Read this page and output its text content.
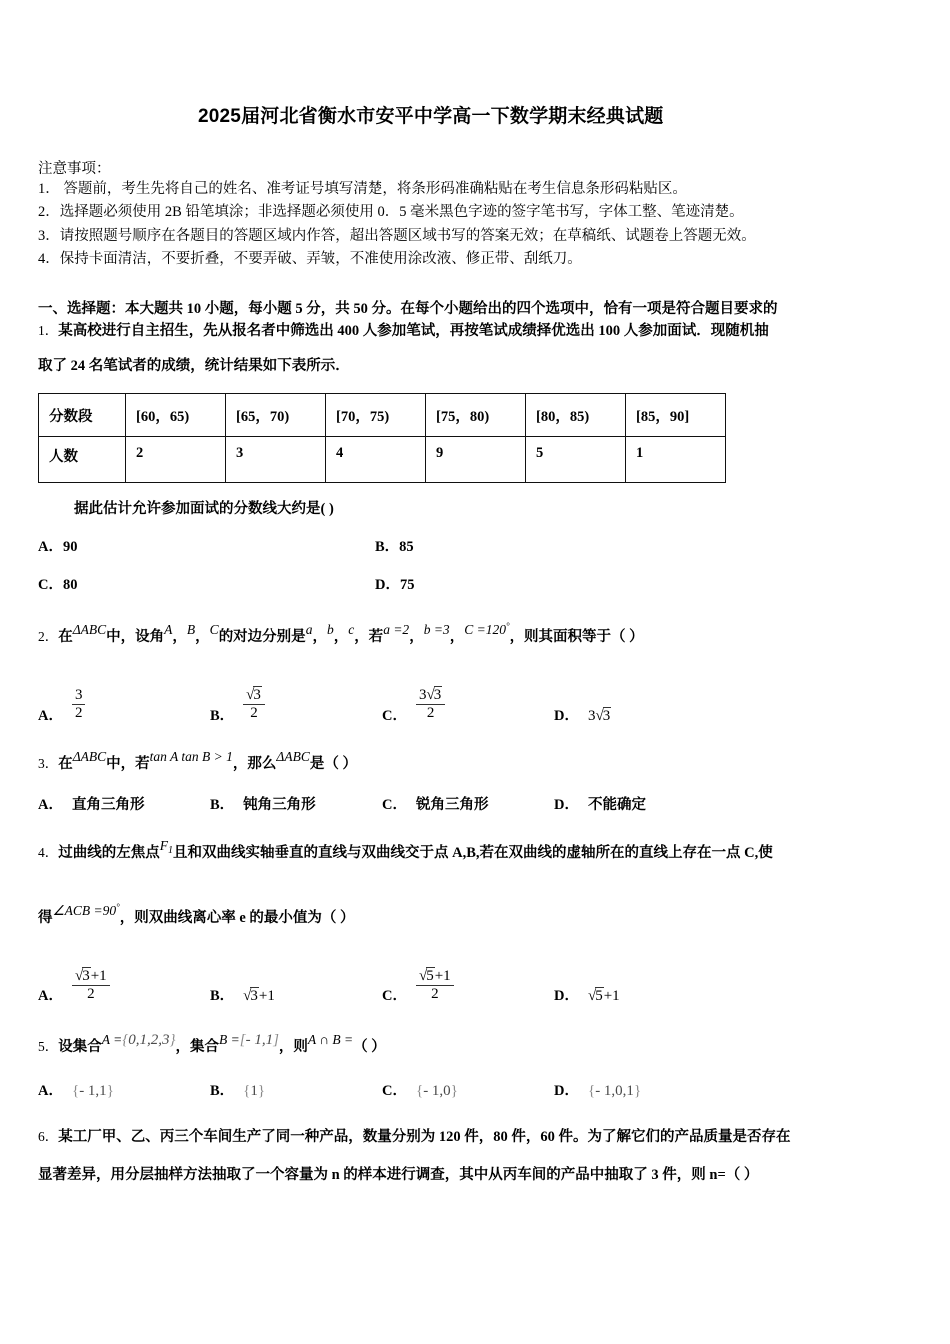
2025届河北省衡水市安平中学高一下数学期末经典试题
注意事项：
1． 答题前，考生先将自己的姓名、准考证号填写清楚，将条形码准确粘贴在考生信息条形码粘贴区。
2．选择题必须使用 2B 铅笔填涂；非选择题必须使用 0．5 毫米黑色字迹的签字笔书写，字体工整、笔迹清楚。
3．请按照题号顺序在各题目的答题区域内作答，超出答题区域书写的答案无效；在草稿纸、试题卷上答题无效。
4．保持卡面清洁，不要折叠，不要弄破、弄皱，不准使用涂改液、修正带、刮纸刀。
一、选择题：本大题共 10 小题，每小题 5 分，共 50 分。在每个小题给出的四个选项中，恰有一项是符合题目要求的
1．某高校进行自主招生，先从报名者中筛选出 400 人参加笔试，再按笔试成绩择优选出 100 人参加面试．现随机抽
取了 24 名笔试者的成绩，统计结果如下表所示．
分数段	[60，65)	[65，70)	[70，75)	[75，80)	[80，85)	[85，90]
人数	2	3	4	9	5	1
据此估计允许参加面试的分数线大约是( )
A．90	B．85
C．80	D．75
2．在ΔABC中，设角A，B，C的对边分别是a，b，c，若a =2，b =3，C =120°，则其面积等于（ ）
A． $\frac{3}{2}$	B． $\frac{√3}{2}$	C． $\frac{3√3}{2}$	D． 3√3
3．在ΔABC中，若tan A tan B > 1，那么ΔABC是（ ）
A． 直角三角形	B． 钝角三角形	C． 锐角三角形	D． 不能确定
4．过曲线的左焦点$F_1$且和双曲线实轴垂直的直线与双曲线交于点 A,B,若在双曲线的虚轴所在的直线上存在一点 C,使
得∠ACB =90°，则双曲线离心率 e 的最小值为（ ）
A． $\frac{√3+1}{2}$	B． √3+1	C． $\frac{√5+1}{2}$	D． √5+1
5．设集合A ={0,1,2,3}，集合B =[- 1,1]，则A ∩ B =（ ）
A． {- 1,1}	B． {1}	C． {- 1,0}	D． {- 1,0,1}
6．某工厂甲、乙、丙三个车间生产了同一种产品，数量分别为 120 件，80 件，60 件。为了解它们的产品质量是否存在
显著差异，用分层抽样方法抽取了一个容量为 n 的样本进行调查，其中从丙车间的产品中抽取了 3 件，则 n=（ ）
